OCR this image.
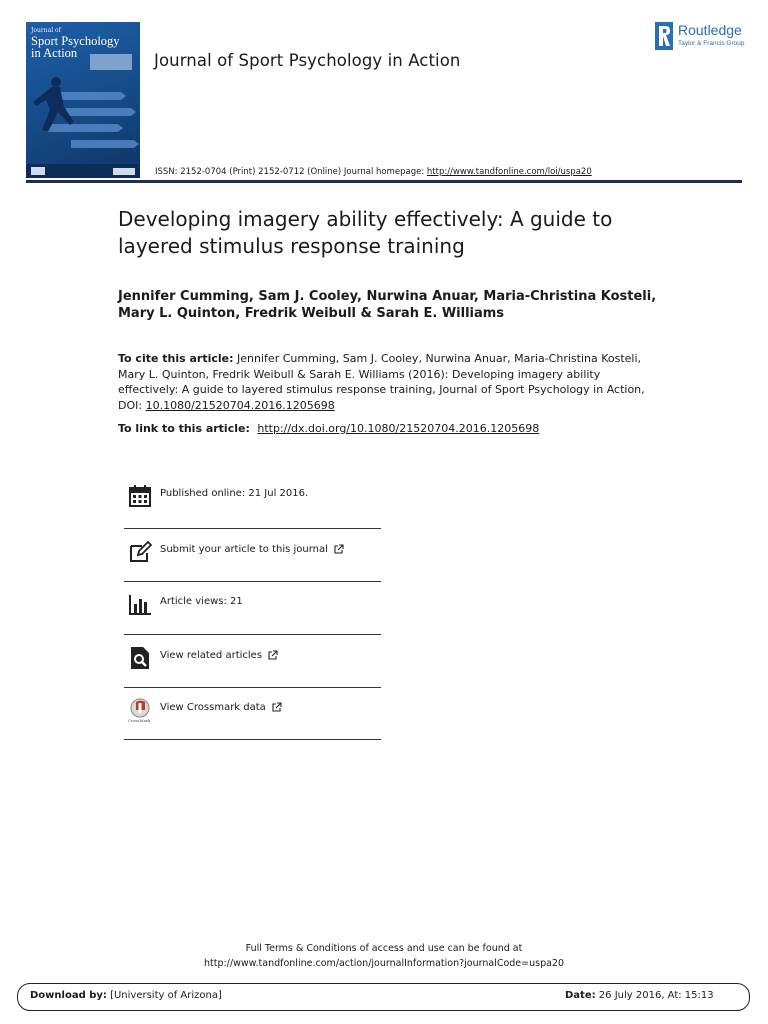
Journal of
Sport Psychology
in Action	Journal of Sport Psychology in Action
Routledge
Taylor & Francis Group
ISSN: 2152-0704 (Print) 2152-0712 (Online) Journal homepage: http://www.tandfonline.com/loi/uspa20
Developing imagery ability effectively: A guide to layered stimulus response training
Jennifer Cumming, Sam J. Cooley, Nurwina Anuar, Maria-Christina Kosteli, Mary L. Quinton, Fredrik Weibull & Sarah E. Williams
To cite this article: Jennifer Cumming, Sam J. Cooley, Nurwina Anuar, Maria-Christina Kosteli, Mary L. Quinton, Fredrik Weibull & Sarah E. Williams (2016): Developing imagery ability effectively: A guide to layered stimulus response training, Journal of Sport Psychology in Action, DOI: 10.1080/21520704.2016.1205698
To link to this article: http://dx.doi.org/10.1080/21520704.2016.1205698
Published online: 21 Jul 2016.
Submit your article to this journal
Article views: 21
View related articles
CrossMark
View Crossmark data
Full Terms & Conditions of access and use can be found at
http://www.tandfonline.com/action/journalInformation?journalCode=uspa20
Download by: [University of Arizona]	Date: 26 July 2016, At: 15:13
